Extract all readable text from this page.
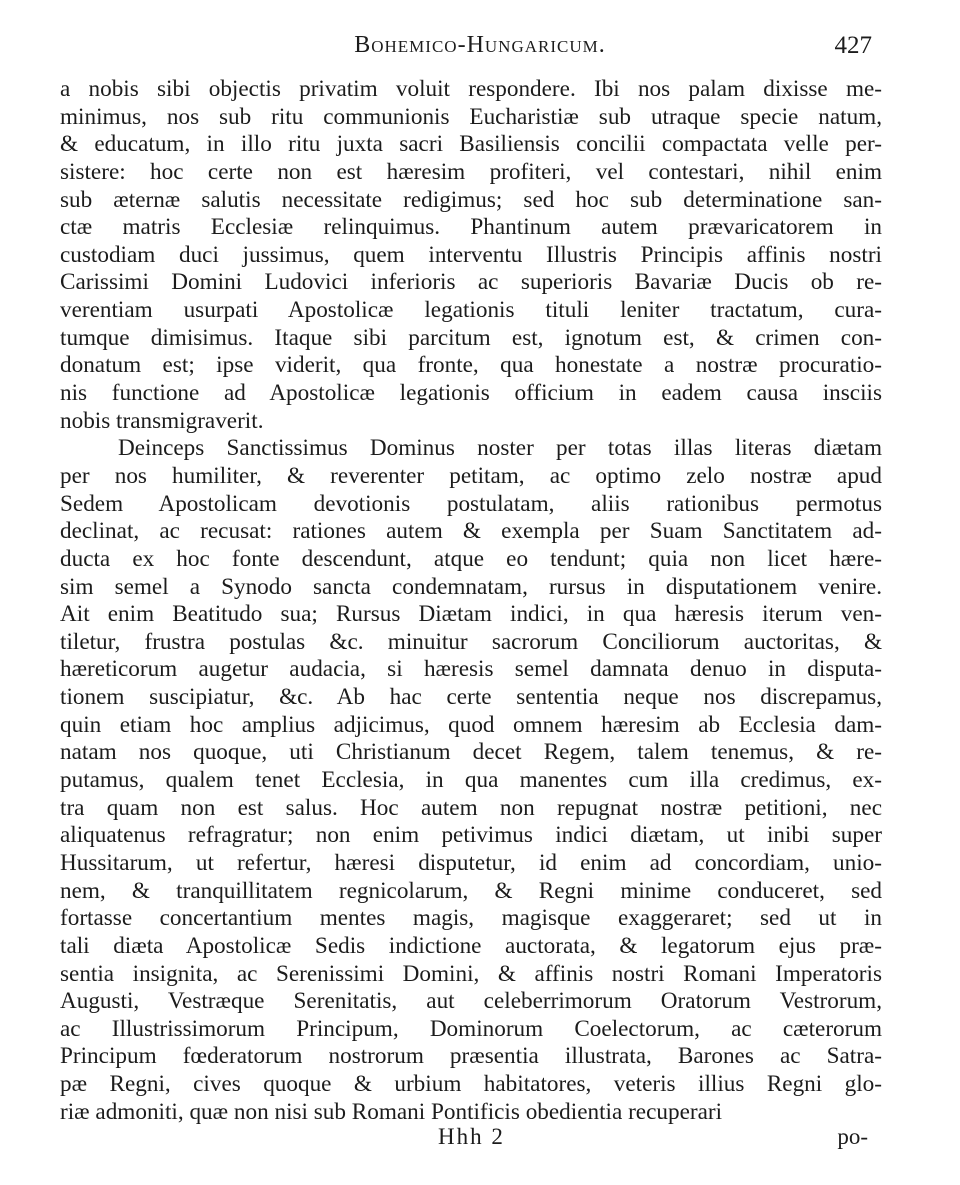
Bohemico-Hungaricum.	427
a nobis sibi objectis privatim voluit respondere. Ibi nos palam dixisse me-
minimus, nos sub ritu communionis Eucharistiæ sub utraque specie natum,
& educatum, in illo ritu juxta sacri Basiliensis concilii compactata velle per-
sistere: hoc certe non est hæresim profiteri, vel contestari, nihil enim
sub æternæ salutis necessitate redigimus; sed hoc sub determinatione san-
ctæ matris Ecclesiæ relinquimus. Phantinum autem prævaricatorem in
custodiam duci jussimus, quem interventu Illustris Principis affinis nostri
Carissimi Domini Ludovici inferioris ac superioris Bavariæ Ducis ob re-
verentiam usurpati Apostolicæ legationis tituli leniter tractatum, cura-
tumque dimisimus. Itaque sibi parcitum est, ignotum est, & crimen con-
donatum est; ipse viderit, qua fronte, qua honestate a nostræ procuratio-
nis functione ad Apostolicæ legationis officium in eadem causa insciis
nobis transmigraverit.
Deinceps Sanctissimus Dominus noster per totas illas literas diætam
per nos humiliter, & reverenter petitam, ac optimo zelo nostræ apud
Sedem Apostolicam devotionis postulatam, aliis rationibus permotus
declinat, ac recusat: rationes autem & exempla per Suam Sanctitatem ad-
ducta ex hoc fonte descendunt, atque eo tendunt; quia non licet hære-
sim semel a Synodo sancta condemnatam, rursus in disputationem venire.
Ait enim Beatitudo sua; Rursus Diætam indici, in qua hæresis iterum ven-
tiletur, frustra postulas &c. minuitur sacrorum Conciliorum auctoritas, &
hæreticorum augetur audacia, si hæresis semel damnata denuo in disputa-
tionem suscipiatur, &c. Ab hac certe sententia neque nos discrepamus,
quin etiam hoc amplius adjicimus, quod omnem hæresim ab Ecclesia dam-
natam nos quoque, uti Christianum decet Regem, talem tenemus, & re-
putamus, qualem tenet Ecclesia, in qua manentes cum illa credimus, ex-
tra quam non est salus. Hoc autem non repugnat nostræ petitioni, nec
aliquatenus refragratur; non enim petivimus indici diætam, ut inibi super
Hussitarum, ut refertur, hæresi disputetur, id enim ad concordiam, unio-
nem, & tranquillitatem regnicolarum, & Regni minime conduceret, sed
fortasse concertantium mentes magis, magisque exaggeraret; sed ut in
tali diæta Apostolicæ Sedis indictione auctorata, & legatorum ejus præ-
sentia insignita, ac Serenissimi Domini, & affinis nostri Romani Imperatoris
Augusti, Vestræque Serenitatis, aut celeberrimorum Oratorum Vestrorum,
ac Illustrissimorum Principum, Dominorum Coelectorum, ac cæterorum
Principum fœderatorum nostrorum præsentia illustrata, Barones ac Satra-
pæ Regni, cives quoque & urbium habitatores, veteris illius Regni glo-
riæ admoniti, quæ non nisi sub Romani Pontificis obedientia recuperari
Hhh 2	po-
